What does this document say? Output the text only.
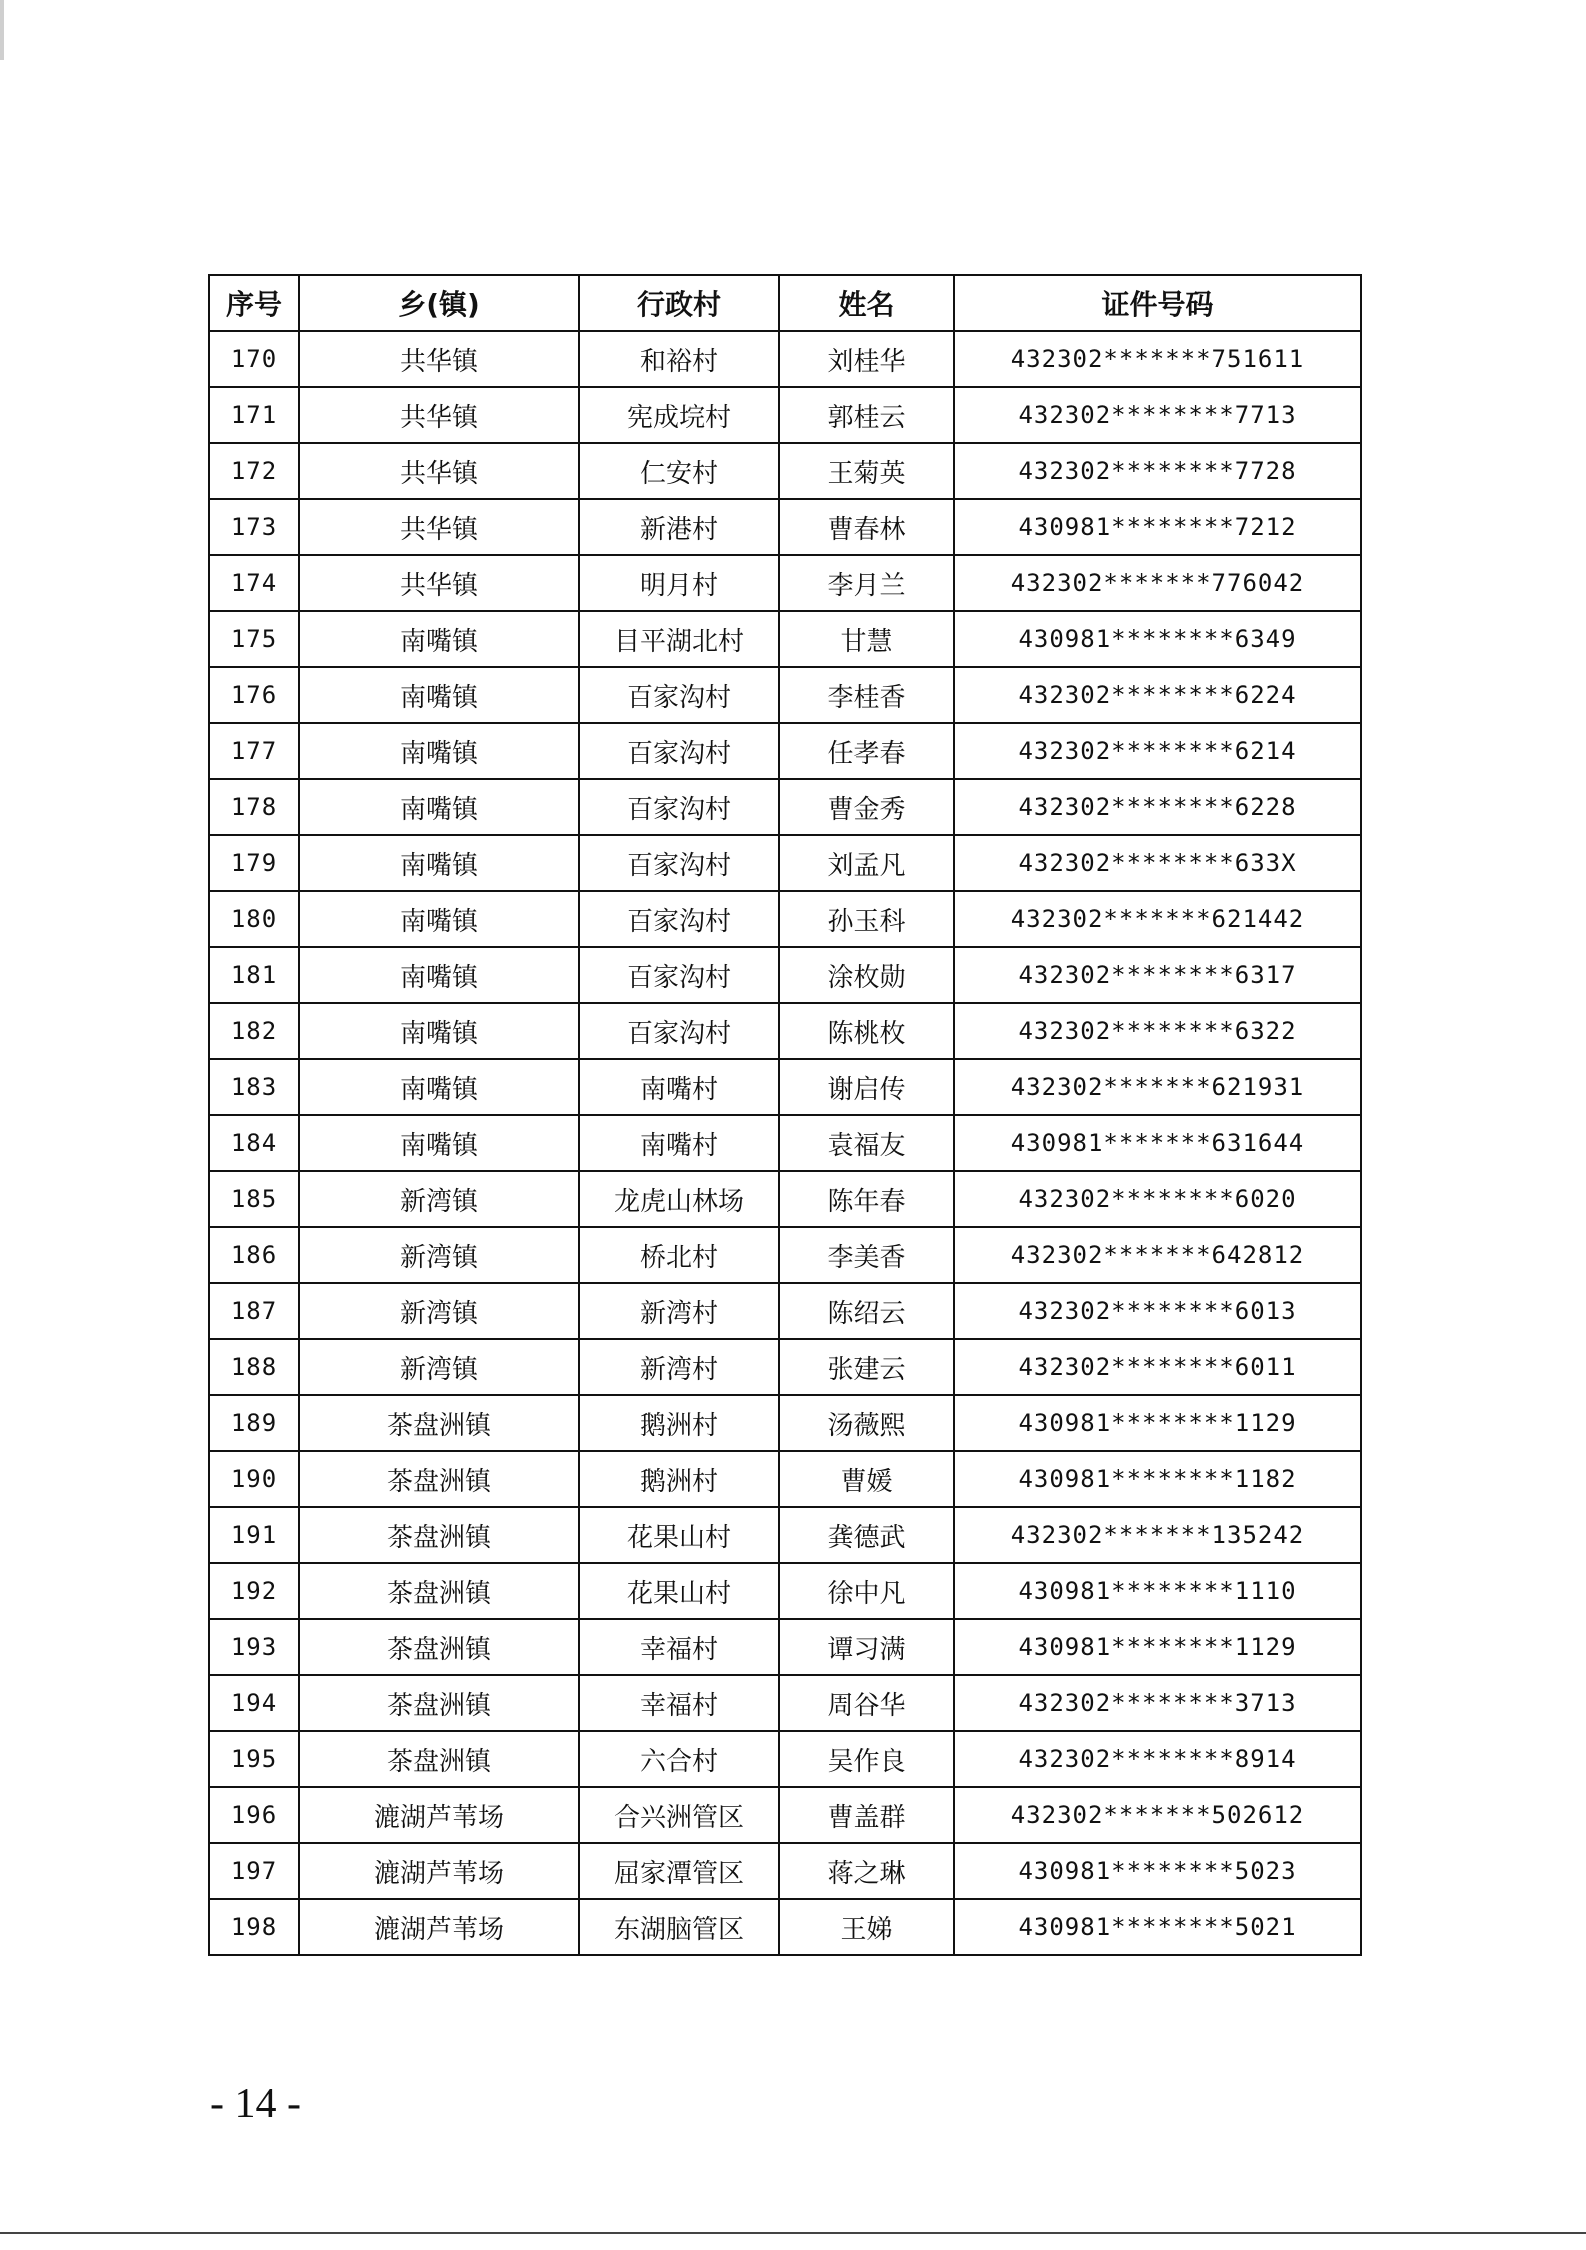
序号	乡(镇)	行政村	姓名	证件号码
170	共华镇	和裕村	刘桂华	432302*******751611
171	共华镇	宪成垸村	郭桂云	432302********7713
172	共华镇	仁安村	王菊英	432302********7728
173	共华镇	新港村	曹春林	430981********7212
174	共华镇	明月村	李月兰	432302*******776042
175	南嘴镇	目平湖北村	甘慧	430981********6349
176	南嘴镇	百家沟村	李桂香	432302********6224
177	南嘴镇	百家沟村	任孝春	432302********6214
178	南嘴镇	百家沟村	曹金秀	432302********6228
179	南嘴镇	百家沟村	刘孟凡	432302********633X
180	南嘴镇	百家沟村	孙玉科	432302*******621442
181	南嘴镇	百家沟村	涂枚勋	432302********6317
182	南嘴镇	百家沟村	陈桃枚	432302********6322
183	南嘴镇	南嘴村	谢启传	432302*******621931
184	南嘴镇	南嘴村	袁福友	430981*******631644
185	新湾镇	龙虎山林场	陈年春	432302********6020
186	新湾镇	桥北村	李美香	432302*******642812
187	新湾镇	新湾村	陈绍云	432302********6013
188	新湾镇	新湾村	张建云	432302********6011
189	茶盘洲镇	鹅洲村	汤薇熙	430981********1129
190	茶盘洲镇	鹅洲村	曹媛	430981********1182
191	茶盘洲镇	花果山村	龚德武	432302*******135242
192	茶盘洲镇	花果山村	徐中凡	430981********1110
193	茶盘洲镇	幸福村	谭习满	430981********1129
194	茶盘洲镇	幸福村	周谷华	432302********3713
195	茶盘洲镇	六合村	吴作良	432302********8914
196	漉湖芦苇场	合兴洲管区	曹盖群	432302*******502612
197	漉湖芦苇场	屈家潭管区	蒋之琳	430981********5023
198	漉湖芦苇场	东湖脑管区	王娣	430981********5021
- 14 -
